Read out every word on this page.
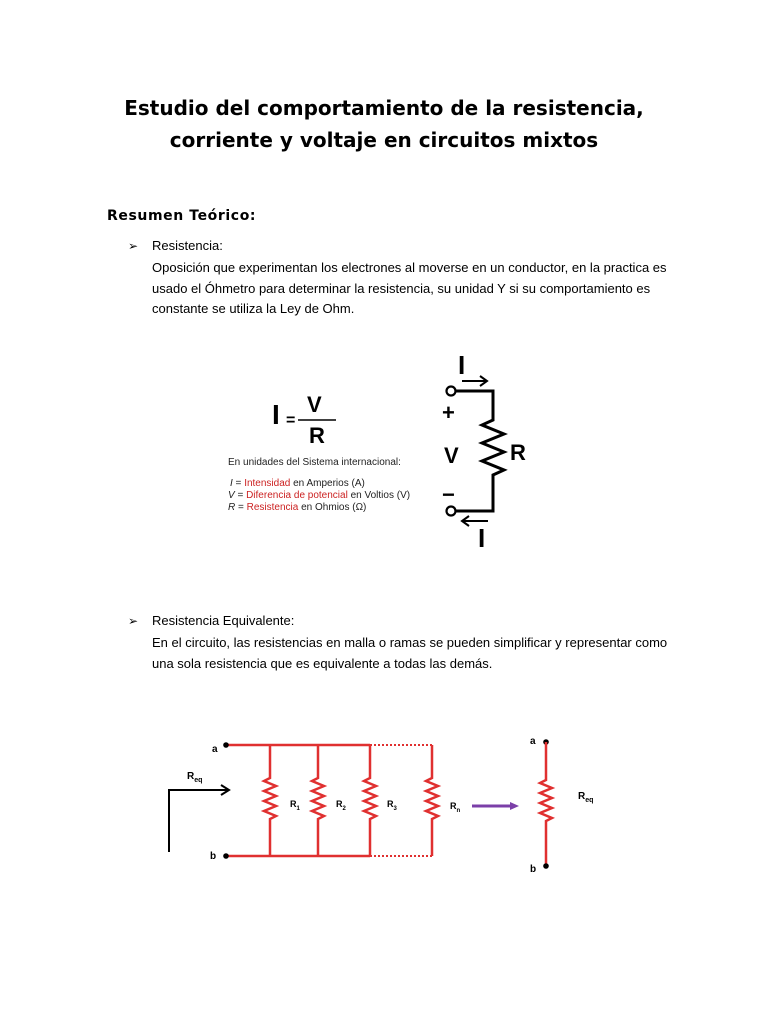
Estudio del comportamiento de la resistencia,
corriente y voltaje en circuitos mixtos
Resumen Teórico:
➢ Resistencia:
Oposición que experimentan los electrones al moverse en un conductor, en la practica es
usado el Óhmetro para determinar la resistencia, su unidad Y si su comportamiento es
constante se utiliza la Ley de Ohm.
I =
V
R
En unidades del Sistema internacional:
I = Intensidad en Amperios (A)
V = Diferencia de potencial en Voltios (V)
R = Resistencia en Ohmios (Ω)
I
+
V R
−
I
a
b
$R_1$	$R_2$	$R_3$	$R_n$
$R_{eq}$
a
b
$R_{eq}$
➢ Resistencia Equivalente:
En el circuito, las resistencias en malla o ramas se pueden simplificar y representar como
una sola resistencia que es equivalente a todas las demás.
